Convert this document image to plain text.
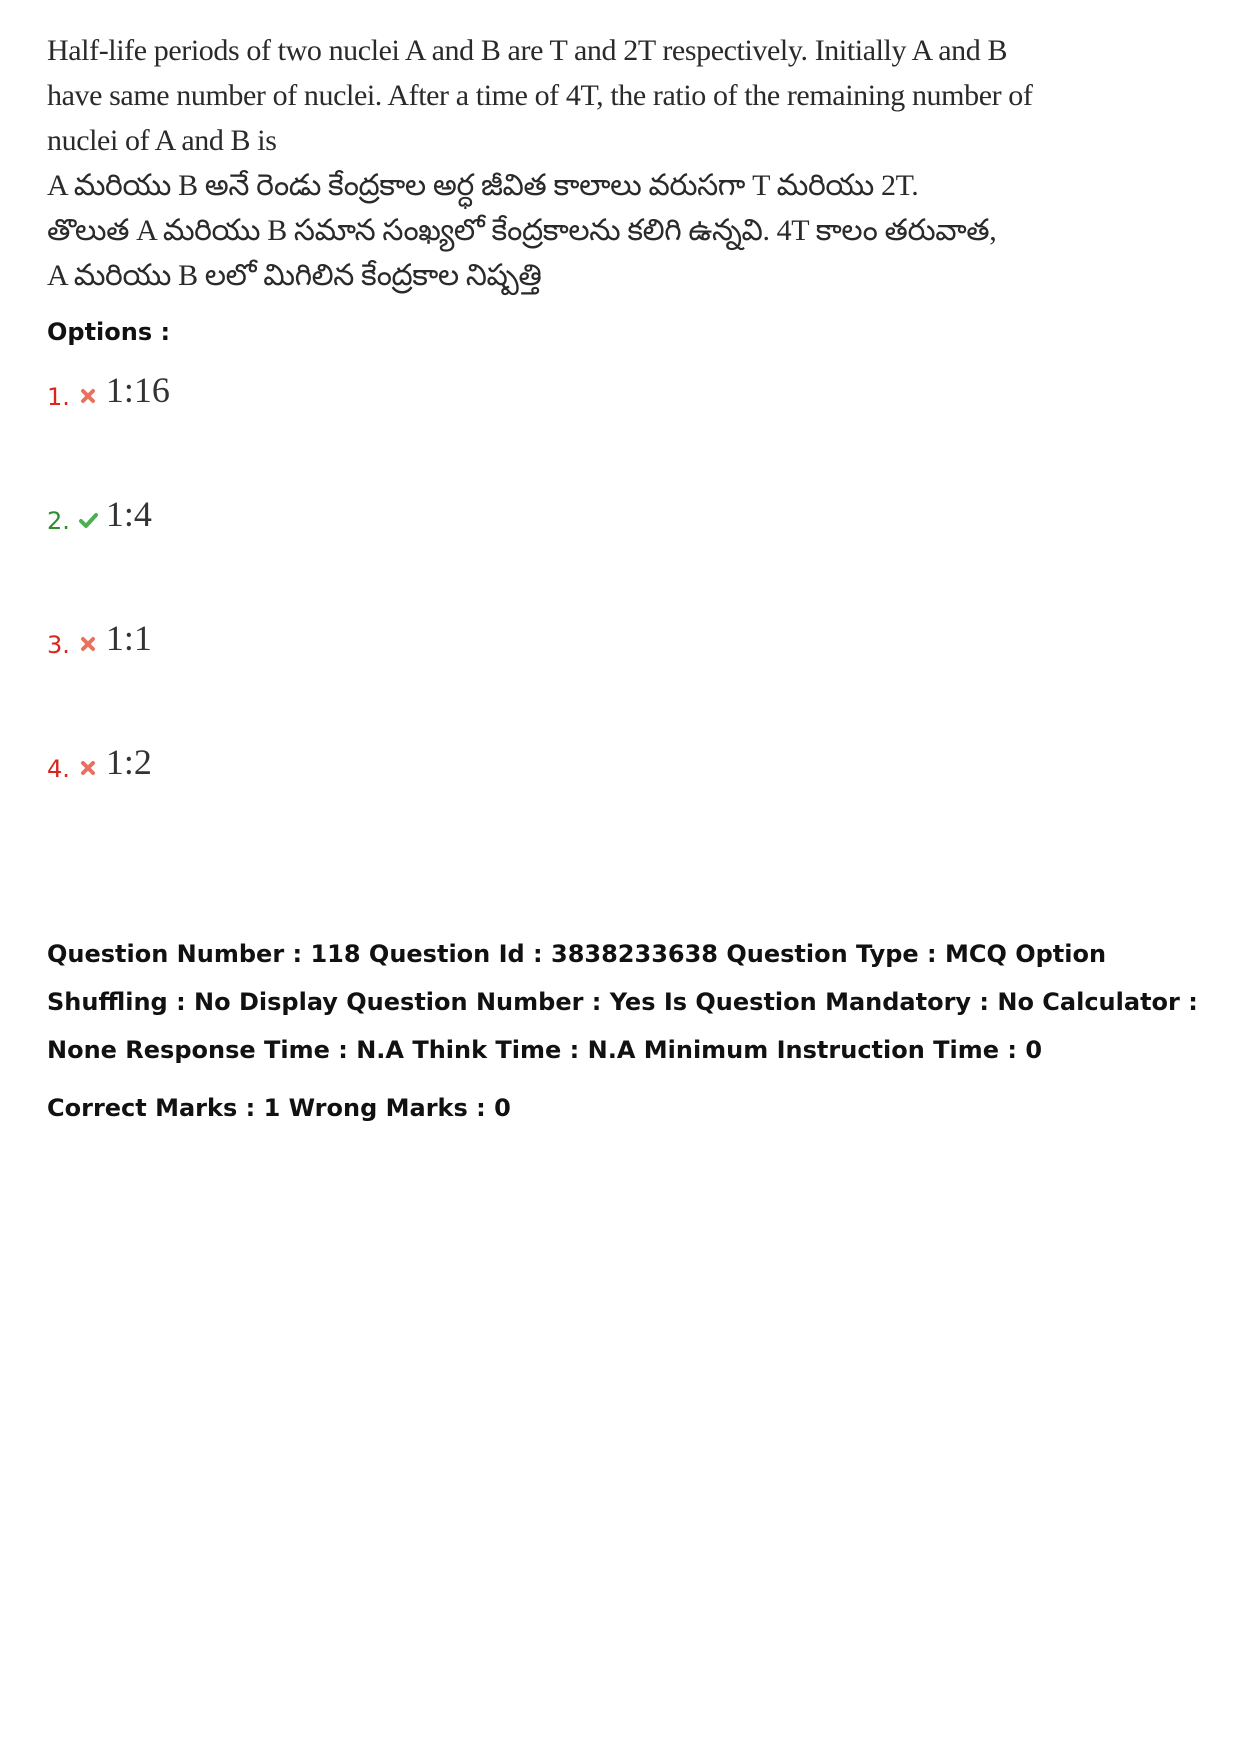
Half-life periods of two nuclei A and B are T and 2T respectively. Initially A and B
have same number of nuclei. After a time of 4T, the ratio of the remaining number of
nuclei of A and B is
A మరియు B అనే రెండు కేంద్రకాల అర్ధ జీవిత కాలాలు వరుసగా T మరియు 2T.
తొలుత A మరియు B సమాన సంఖ్యలో కేంద్రకాలను కలిగి ఉన్నవి. 4T కాలం తరువాత,
A మరియు B లలో మిగిలిన కేంద్రకాల నిష్పత్తి
Options :
1. 1:16
2. 1:4
3. 1:1
4. 1:2
Question Number : 118 Question Id : 3838233638 Question Type : MCQ Option Shuffling : No Display Question Number : Yes Is Question Mandatory : No Calculator : None Response Time : N.A Think Time : N.A Minimum Instruction Time : 0
Correct Marks : 1 Wrong Marks : 0
